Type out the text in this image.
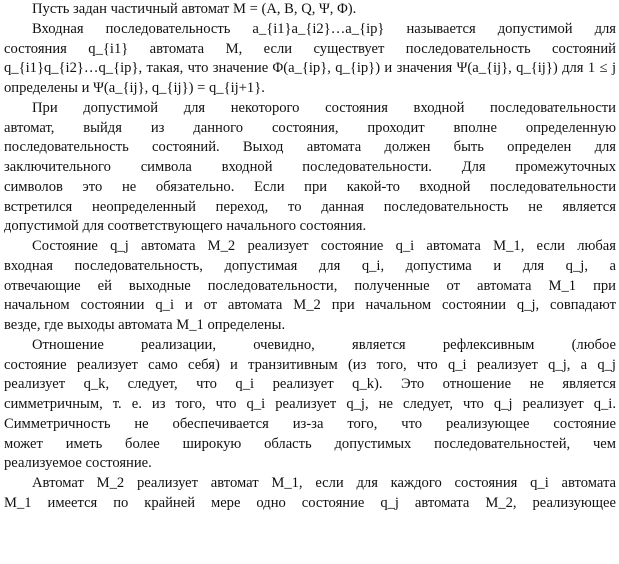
Пусть задан частичный автомат M = (A, B, Q, Ψ, Φ).
Входная последовательность a_{i1}a_{i2}…a_{ip} называется допустимой для
состояния q_{i1} автомата M, если существует последовательность состояний
q_{i1}q_{i2}…q_{ip}, такая, что значение Φ(a_{ip}, q_{ip}) и значения Ψ(a_{ij}, q_{ij}) для 1 ≤ j
определены и Ψ(a_{ij}, q_{ij}) = q_{ij+1}.
При допустимой для некоторого состояния входной последовательности
автомат, выйдя из данного состояния, проходит вполне определенную
последовательность состояний. Выход автомата должен быть определен для
заключительного символа входной последовательности. Для промежуточных
символов это не обязательно. Если при какой-то входной последовательности
встретился неопределенный переход, то данная последовательность не является
допустимой для соответствующего начального состояния.
Состояние q_j автомата M_2 реализует состояние q_i автомата M_1, если любая
входная последовательность, допустимая для q_i, допустима и для q_j, а
отвечающие ей выходные последовательности, полученные от автомата M_1 при
начальном состоянии q_i и от автомата M_2 при начальном состоянии q_j, совпадают
везде, где выходы автомата M_1 определены.
Отношение реализации, очевидно, является рефлексивным (любое
состояние реализует само себя) и транзитивным (из того, что q_i реализует q_j, а q_j
реализует q_k, следует, что q_i реализует q_k). Это отношение не является
симметричным, т. е. из того, что q_i реализует q_j, не следует, что q_j реализует q_i.
Симметричность не обеспечивается из-за того, что реализующее состояние
может иметь более широкую область допустимых последовательностей, чем
реализуемое состояние.
Автомат M_2 реализует автомат M_1, если для каждого состояния q_i автомата
M_1 имеется по крайней мере одно состояние q_j автомата M_2, реализующее
